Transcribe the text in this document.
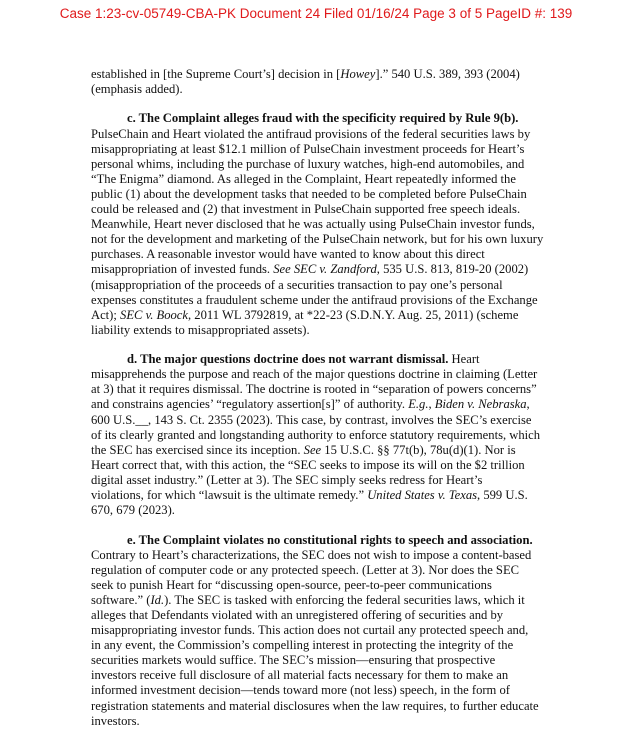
Case 1:23-cv-05749-CBA-PK Document 24 Filed 01/16/24 Page 3 of 5 PageID #: 139

established in [the Supreme Court’s] decision in [Howey].” 540 U.S. 389, 393 (2004)
(emphasis added).

c. The Complaint alleges fraud with the specificity required by Rule 9(b).
PulseChain and Heart violated the antifraud provisions of the federal securities laws by
misappropriating at least $12.1 million of PulseChain investment proceeds for Heart’s
personal whims, including the purchase of luxury watches, high-end automobiles, and
“The Enigma” diamond. As alleged in the Complaint, Heart repeatedly informed the
public (1) about the development tasks that needed to be completed before PulseChain
could be released and (2) that investment in PulseChain supported free speech ideals.
Meanwhile, Heart never disclosed that he was actually using PulseChain investor funds,
not for the development and marketing of the PulseChain network, but for his own luxury
purchases. A reasonable investor would have wanted to know about this direct
misappropriation of invested funds. See SEC v. Zandford, 535 U.S. 813, 819-20 (2002)
(misappropriation of the proceeds of a securities transaction to pay one’s personal
expenses constitutes a fraudulent scheme under the antifraud provisions of the Exchange
Act); SEC v. Boock, 2011 WL 3792819, at *22-23 (S.D.N.Y. Aug. 25, 2011) (scheme
liability extends to misappropriated assets).

d. The major questions doctrine does not warrant dismissal. Heart
misapprehends the purpose and reach of the major questions doctrine in claiming (Letter
at 3) that it requires dismissal. The doctrine is rooted in “separation of powers concerns”
and constrains agencies’ “regulatory assertion[s]” of authority. E.g., Biden v. Nebraska,
600 U.S.__, 143 S. Ct. 2355 (2023). This case, by contrast, involves the SEC’s exercise
of its clearly granted and longstanding authority to enforce statutory requirements, which
the SEC has exercised since its inception. See 15 U.S.C. §§ 77t(b), 78u(d)(1). Nor is
Heart correct that, with this action, the “SEC seeks to impose its will on the $2 trillion
digital asset industry.” (Letter at 3). The SEC simply seeks redress for Heart’s
violations, for which “lawsuit is the ultimate remedy.” United States v. Texas, 599 U.S.
670, 679 (2023).

e. The Complaint violates no constitutional rights to speech and association.
Contrary to Heart’s characterizations, the SEC does not wish to impose a content-based
regulation of computer code or any protected speech. (Letter at 3). Nor does the SEC
seek to punish Heart for “discussing open-source, peer-to-peer communications
software.” (Id.). The SEC is tasked with enforcing the federal securities laws, which it
alleges that Defendants violated with an unregistered offering of securities and by
misappropriating investor funds. This action does not curtail any protected speech and,
in any event, the Commission’s compelling interest in protecting the integrity of the
securities markets would suffice. The SEC’s mission—ensuring that prospective
investors receive full disclosure of all material facts necessary for them to make an
informed investment decision—tends toward more (not less) speech, in the form of
registration statements and material disclosures when the law requires, to further educate
investors.
